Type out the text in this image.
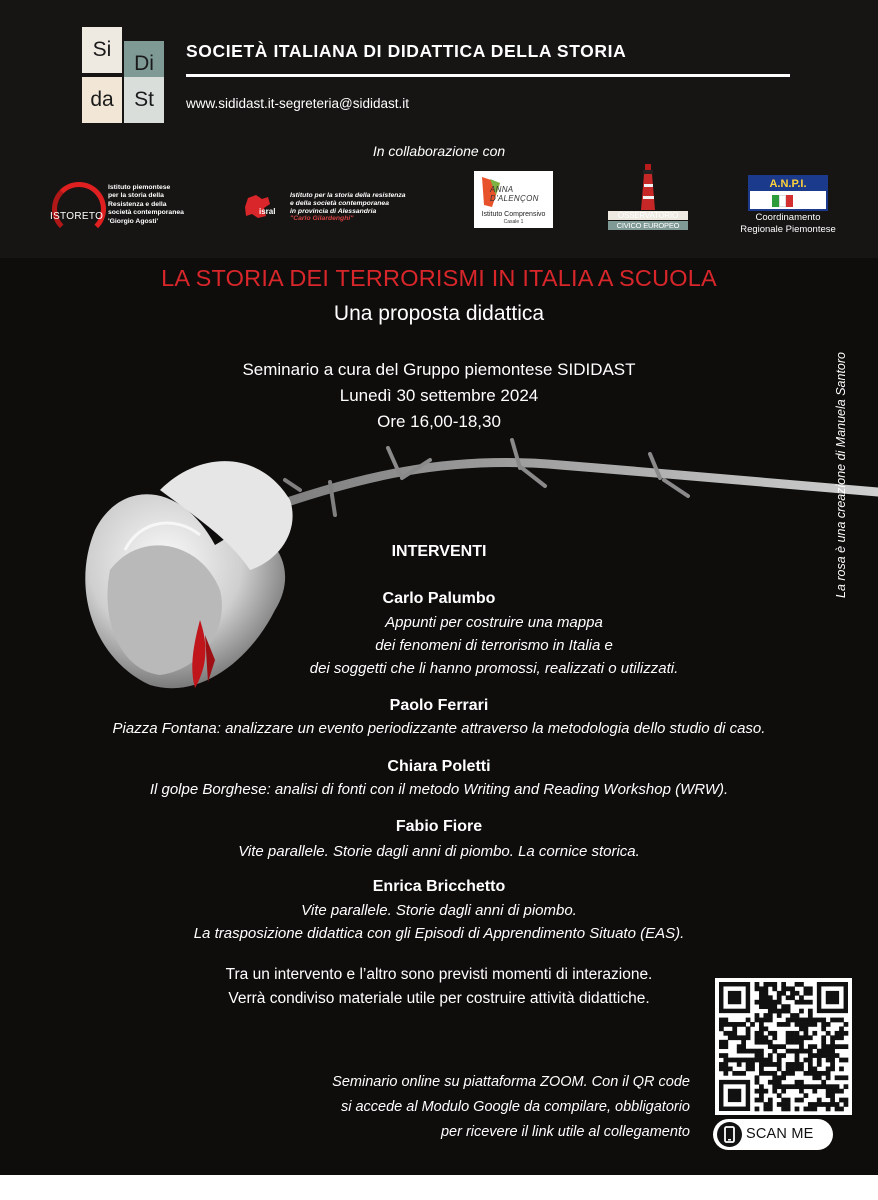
Si
Di
da St
SOCIETÀ ITALIANA DI DIDATTICA DELLA STORIA
www.sididast.it-segreteria@sididast.it
In collaborazione con
ISTORETO
Istituto piemontese
per la storia della
Resistenza e della
società contemporanea
'Giorgio Agosti'
isral
Istituto per la storia della resistenza
e della società contemporanea
in provincia di Alessandria
"Carlo Gilardenghi"
ANNA D'ALENÇON
Istituto Comprensivo
Casale 1
OSSERVATORIO
CIVICO EUROPEO
A.N.P.I.
Coordinamento
Regionale Piemontese
LA STORIA DEI TERRORISMI IN ITALIA A SCUOLA
Una proposta didattica
Seminario a cura del Gruppo piemontese SIDIDAST
Lunedì 30 settembre 2024
Ore 16,00-18,30	La rosa è una creazione di Manuela Santoro
INTERVENTI
Carlo Palumbo
Appunti per costruire una mappa
dei fenomeni di terrorismo in Italia e
dei soggetti che li hanno promossi, realizzati o utilizzati.
Paolo Ferrari
Piazza Fontana: analizzare un evento periodizzante attraverso la metodologia dello studio di caso.
Chiara Poletti
Il golpe Borghese: analisi di fonti con il metodo Writing and Reading Workshop (WRW).
Fabio Fiore
Vite parallele. Storie dagli anni di piombo. La cornice storica.
Enrica Bricchetto
Vite parallele. Storie dagli anni di piombo.
La trasposizione didattica con gli Episodi di Apprendimento Situato (EAS).
Tra un intervento e l’altro sono previsti momenti di interazione.
Verrà condiviso materiale utile per costruire attività didattiche.
Seminario online su piattaforma ZOOM. Con il QR code
si accede al Modulo Google da compilare, obbligatorio
per ricevere il link utile al collegamento	SCAN ME
